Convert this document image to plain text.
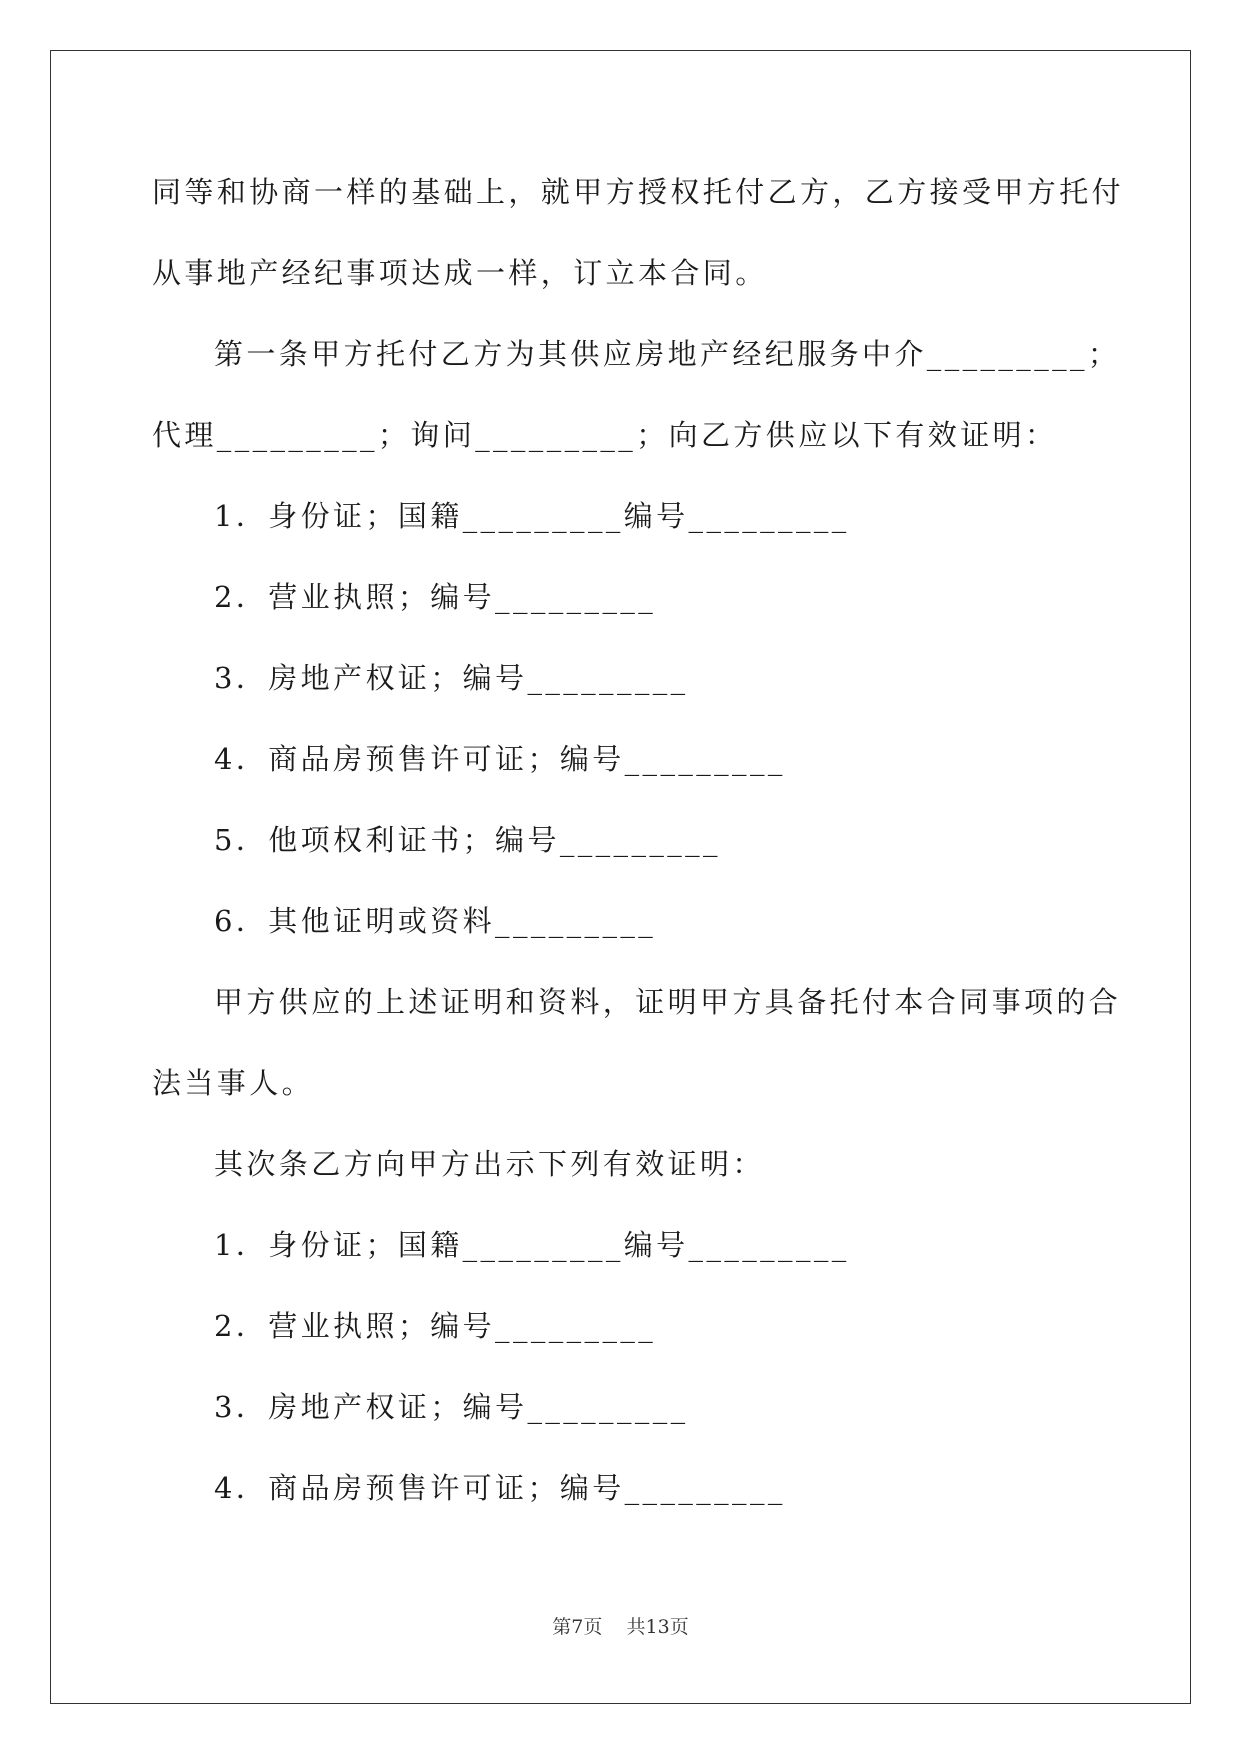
同等和协商一样的基础上，就甲方授权托付乙方，乙方接受甲方托付
从事地产经纪事项达成一样，订立本合同。
第一条甲方托付乙方为其供应房地产经纪服务中介_________；
代理_________；询问_________；向乙方供应以下有效证明：
1．身份证；国籍_________编号_________
2．营业执照；编号_________
3．房地产权证；编号_________
4．商品房预售许可证；编号_________
5．他项权利证书；编号_________
6．其他证明或资料_________
甲方供应的上述证明和资料，证明甲方具备托付本合同事项的合
法当事人。
其次条乙方向甲方出示下列有效证明：
1．身份证；国籍_________编号_________
2．营业执照；编号_________
3．房地产权证；编号_________
4．商品房预售许可证；编号_________
第7页 共13页
